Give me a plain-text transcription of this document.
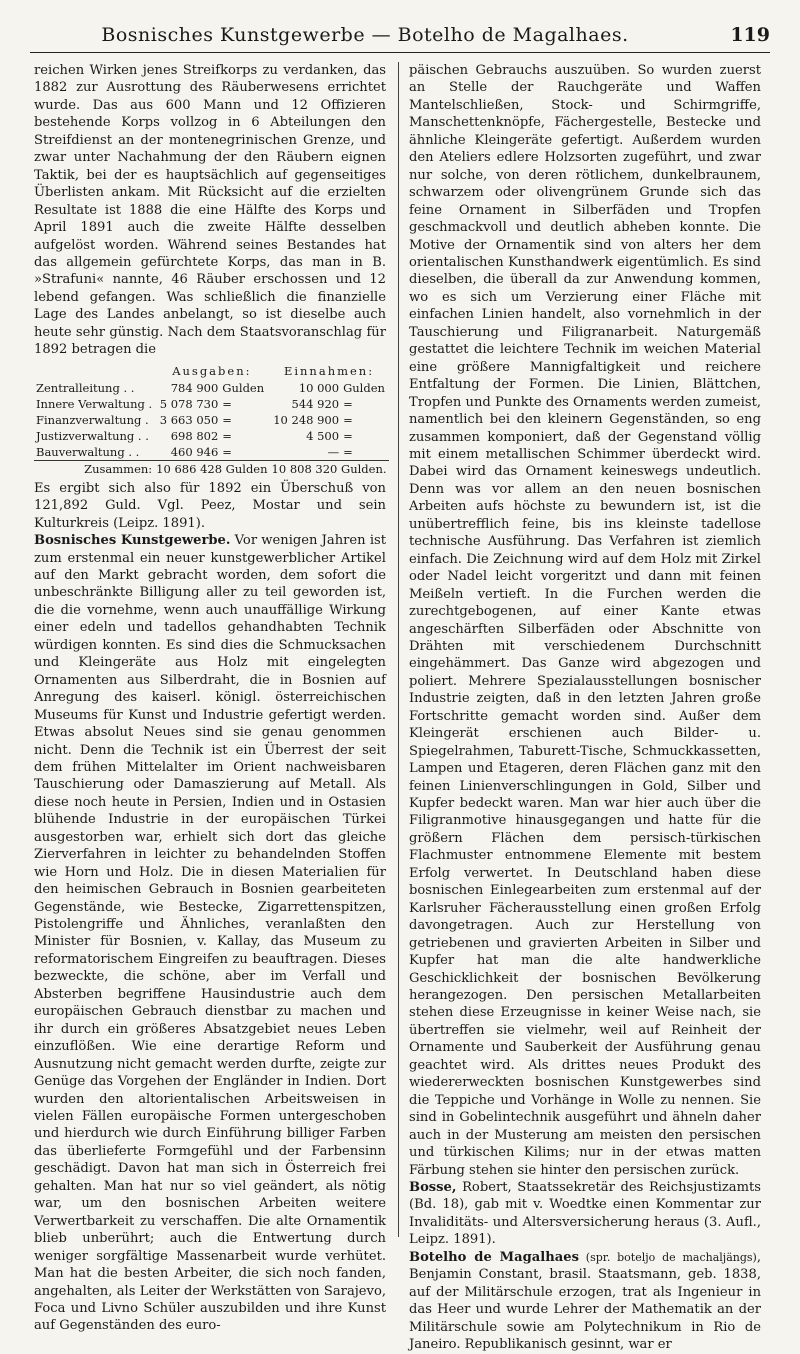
Bosnisches Kunstgewerbe — Botelho de Magalhaes.	119

reichen Wirken jenes Streifkorps zu verdanken, das 1882 zur Ausrottung des Räuberwesens errichtet wurde. Das aus 600 Mann und 12 Offizieren bestehende Korps vollzog in 6 Abteilungen den Streifdienst an der montenegrinischen Grenze, und zwar unter Nachahmung der den Räubern eignen Taktik, bei der es hauptsächlich auf gegenseitiges Überlisten ankam. Mit Rücksicht auf die erzielten Resultate ist 1888 die eine Hälfte des Korps und April 1891 auch die zweite Hälfte desselben aufgelöst worden. Während seines Bestandes hat das allgemein gefürchtete Korps, das man in B. »Strafuni« nannte, 46 Räuber erschossen und 12 lebend gefangen. Was schließlich die finanzielle Lage des Landes anbelangt, so ist dieselbe auch heute sehr günstig. Nach dem Staatsvoranschlag für 1892 betragen die

	Ausgaben:		Einnahmen:	
Zentralleitung . .	784 900	Gulden	10 000	Gulden
Innere Verwaltung .	5 078 730	=	544 920	=
Finanzverwaltung .	3 663 050	=	10 248 900	=
Justizverwaltung . .	698 802	=	4 500	=
Bauverwaltung . .	460 946	=	—	=
Zusammen:	10 686 428 Gulden		10 808 320 Gulden.	

Es ergibt sich also für 1892 ein Überschuß von 121,892 Guld. Vgl. Peez, Mostar und sein Kulturkreis (Leipz. 1891).

Bosnisches Kunstgewerbe. Vor wenigen Jahren ist zum erstenmal ein neuer kunstgewerblicher Artikel auf den Markt gebracht worden, dem sofort die unbeschränkte Billigung aller zu teil geworden ist, die die vornehme, wenn auch unauffällige Wirkung einer edeln und tadellos gehandhabten Technik würdigen konnten. Es sind dies die Schmucksachen und Kleingeräte aus Holz mit eingelegten Ornamenten aus Silberdraht, die in Bosnien auf Anregung des kaiserl. königl. österreichischen Museums für Kunst und Industrie gefertigt werden. Etwas absolut Neues sind sie genau genommen nicht. Denn die Technik ist ein Überrest der seit dem frühen Mittelalter im Orient nachweisbaren Tauschierung oder Damaszierung auf Metall. Als diese noch heute in Persien, Indien und in Ostasien blühende Industrie in der europäischen Türkei ausgestorben war, erhielt sich dort das gleiche Zierverfahren in leichter zu behandelnden Stoffen wie Horn und Holz. Die in diesen Materialien für den heimischen Gebrauch in Bosnien gearbeiteten Gegenstände, wie Bestecke, Zigarrettenspitzen, Pistolengriffe und Ähnliches, veranlaßten den Minister für Bosnien, v. Kallay, das Museum zu reformatorischem Eingreifen zu beauftragen. Dieses bezweckte, die schöne, aber im Verfall und Absterben begriffene Hausindustrie auch dem europäischen Gebrauch dienstbar zu machen und ihr durch ein größeres Absatzgebiet neues Leben einzuflößen. Wie eine derartige Reform und Ausnutzung nicht gemacht werden durfte, zeigte zur Genüge das Vorgehen der Engländer in Indien. Dort wurden den altorientalischen Arbeitsweisen in vielen Fällen europäische Formen untergeschoben und hierdurch wie durch Einführung billiger Farben das überlieferte Formgefühl und der Farbensinn geschädigt. Davon hat man sich in Österreich frei gehalten. Man hat nur so viel geändert, als nötig war, um den bosnischen Arbeiten weitere Verwertbarkeit zu verschaffen. Die alte Ornamentik blieb unberührt; auch die Entwertung durch weniger sorgfältige Massenarbeit wurde verhütet. Man hat die besten Arbeiter, die sich noch fanden, angehalten, als Leiter der Werkstätten von Sarajevo, Foca und Livno Schüler auszubilden und ihre Kunst auf Gegenständen des euro-

päischen Gebrauchs auszuüben. So wurden zuerst an Stelle der Rauchgeräte und Waffen Mantelschließen, Stock- und Schirmgriffe, Manschettenknöpfe, Fächergestelle, Bestecke und ähnliche Kleingeräte gefertigt. Außerdem wurden den Ateliers edlere Holzsorten zugeführt, und zwar nur solche, von deren rötlichem, dunkelbraunem, schwarzem oder olivengrünem Grunde sich das feine Ornament in Silberfäden und Tropfen geschmackvoll und deutlich abheben konnte. Die Motive der Ornamentik sind von alters her dem orientalischen Kunsthandwerk eigentümlich. Es sind dieselben, die überall da zur Anwendung kommen, wo es sich um Verzierung einer Fläche mit einfachen Linien handelt, also vornehmlich in der Tauschierung und Filigranarbeit. Naturgemäß gestattet die leichtere Technik im weichen Material eine größere Mannigfaltigkeit und reichere Entfaltung der Formen. Die Linien, Blättchen, Tropfen und Punkte des Ornaments werden zumeist, namentlich bei den kleinern Gegenständen, so eng zusammen komponiert, daß der Gegenstand völlig mit einem metallischen Schimmer überdeckt wird. Dabei wird das Ornament keineswegs undeutlich. Denn was vor allem an den neuen bosnischen Arbeiten aufs höchste zu bewundern ist, ist die unübertrefflich feine, bis ins kleinste tadellose technische Ausführung. Das Verfahren ist ziemlich einfach. Die Zeichnung wird auf dem Holz mit Zirkel oder Nadel leicht vorgeritzt und dann mit feinen Meißeln vertieft. In die Furchen werden die zurechtgebogenen, auf einer Kante etwas angeschärften Silberfäden oder Abschnitte von Drähten mit verschiedenem Durchschnitt eingehämmert. Das Ganze wird abgezogen und poliert. Mehrere Spezialausstellungen bosnischer Industrie zeigten, daß in den letzten Jahren große Fortschritte gemacht worden sind. Außer dem Kleingerät erschienen auch Bilder- u. Spiegelrahmen, Taburett-Tische, Schmuckkassetten, Lampen und Etageren, deren Flächen ganz mit den feinen Linienverschlingungen in Gold, Silber und Kupfer bedeckt waren. Man war hier auch über die Filigranmotive hinausgegangen und hatte für die größern Flächen dem persisch-türkischen Flachmuster entnommene Elemente mit bestem Erfolg verwertet. In Deutschland haben diese bosnischen Einlegearbeiten zum erstenmal auf der Karlsruher Fächerausstellung einen großen Erfolg davongetragen. Auch zur Herstellung von getriebenen und gravierten Arbeiten in Silber und Kupfer hat man die alte handwerkliche Geschicklichkeit der bosnischen Bevölkerung herangezogen. Den persischen Metallarbeiten stehen diese Erzeugnisse in keiner Weise nach, sie übertreffen sie vielmehr, weil auf Reinheit der Ornamente und Sauberkeit der Ausführung genau geachtet wird. Als drittes neues Produkt des wiedererweckten bosnischen Kunstgewerbes sind die Teppiche und Vorhänge in Wolle zu nennen. Sie sind in Gobelintechnik ausgeführt und ähneln daher auch in der Musterung am meisten den persischen und türkischen Kilims; nur in der etwas matten Färbung stehen sie hinter den persischen zurück.

Bosse, Robert, Staatssekretär des Reichsjustizamts (Bd. 18), gab mit v. Woedtke einen Kommentar zur Invaliditäts- und Altersversicherung heraus (3. Aufl., Leipz. 1891).

Botelho de Magalhaes (spr. boteljo de machaljängs), Benjamin Constant, brasil. Staatsmann, geb. 1838, auf der Militärschule erzogen, trat als Ingenieur in das Heer und wurde Lehrer der Mathematik an der Militärschule sowie am Polytechnikum in Rio de Janeiro. Republikanisch gesinnt, war er
